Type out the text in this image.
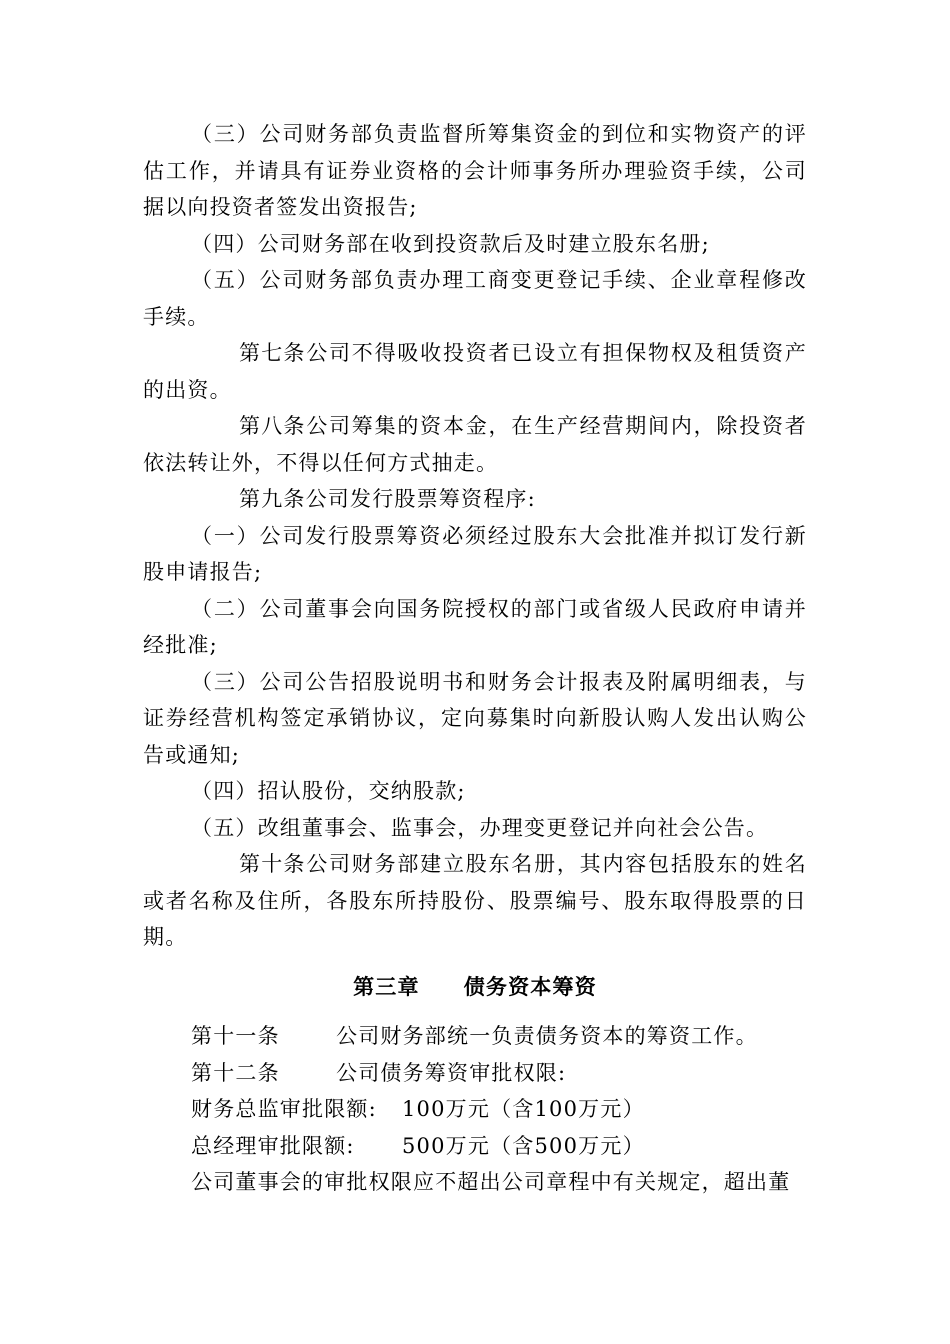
（三）公司财务部负责监督所筹集资金的到位和实物资产的评估工作，并请具有证券业资格的会计师事务所办理验资手续，公司据以向投资者签发出资报告;

（四）公司财务部在收到投资款后及时建立股东名册;

（五）公司财务部负责办理工商变更登记手续、企业章程修改手续。

第七条公司不得吸收投资者已设立有担保物权及租赁资产的出资。

第八条公司筹集的资本金，在生产经营期间内，除投资者依法转让外，不得以任何方式抽走。

第九条公司发行股票筹资程序:

（一）公司发行股票筹资必须经过股东大会批准并拟订发行新股申请报告;

（二）公司董事会向国务院授权的部门或省级人民政府申请并经批准;

（三）公司公告招股说明书和财务会计报表及附属明细表，与证券经营机构签定承销协议，定向募集时向新股认购人发出认购公告或通知;

（四）招认股份，交纳股款;

（五）改组董事会、监事会，办理变更登记并向社会公告。

第十条公司财务部建立股东名册，其内容包括股东的姓名或者名称及住所，各股东所持股份、股票编号、股东取得股票的日期。

第三章 债务资本筹资

第十一条	公司财务部统一负责债务资本的筹资工作。

第十二条	公司债务筹资审批权限:

财务总监审批限额: 100万元（含100万元）

总经理审批限额: 500万元（含500万元）

公司董事会的审批权限应不超出公司章程中有关规定，超出董
